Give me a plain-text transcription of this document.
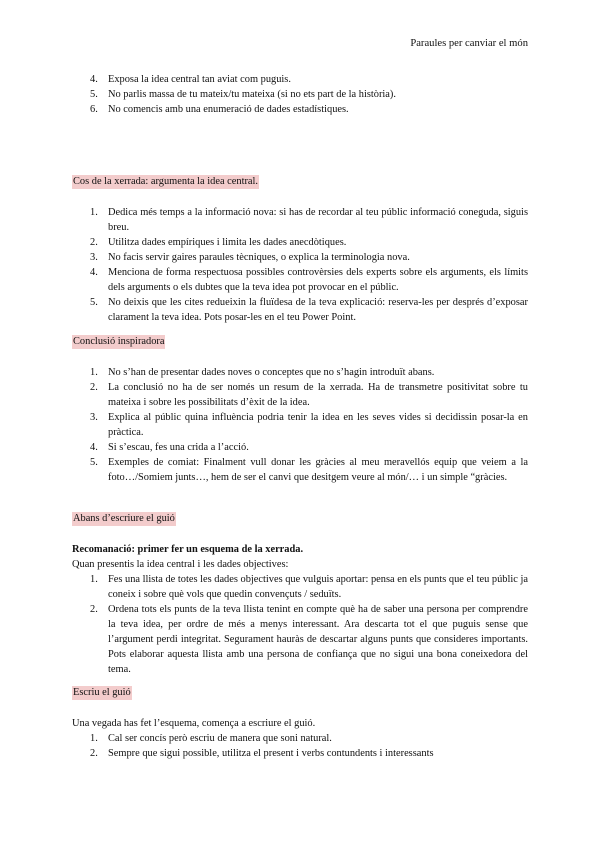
Paraules per canviar el món
4. Exposa la idea central tan aviat com puguis.
5. No parlis massa de tu mateix/tu mateixa (si no ets part de la història).
6. No comencis amb una enumeració de dades estadístiques.
Cos de la xerrada: argumenta la idea central.
1. Dedica més temps a la informació nova: si has de recordar al teu públic informació coneguda, siguis breu.
2. Utilitza dades empíriques i limita les dades anecdòtiques.
3. No facis servir gaires paraules tècniques, o explica la terminologia nova.
4. Menciona de forma respectuosa possibles controvèrsies dels experts sobre els arguments, els límits dels arguments o els dubtes que la teva idea pot provocar en el públic.
5. No deixis que les cites redueixin la fluïdesa de la teva explicació: reserva-les per després d’exposar clarament la teva idea. Pots posar-les en el teu Power Point.
Conclusió inspiradora
1. No s’han de presentar dades noves o conceptes que no s’hagin introduït abans.
2. La conclusió no ha de ser només un resum de la xerrada. Ha de transmetre positivitat sobre tu mateixa i sobre les possibilitats d’èxit de la idea.
3. Explica al públic quina influència podria tenir la idea en les seves vides si decidissin posar-la en pràctica.
4. Si s’escau, fes una crida a l’acció.
5. Exemples de comiat: Finalment vull donar les gràcies al meu meravellós equip que veiem a la foto…/Somiem junts…, hem de ser el canvi que desitgem veure al món/… i un simple “gràcies.
Abans d’escriure el guió

Recomanació: primer fer un esquema de la xerrada.

Quan presentis la idea central i les dades objectives:

1. Fes una llista de totes les dades objectives que vulguis aportar: pensa en els punts que el teu públic ja coneix i sobre què vols que quedin convençuts / seduïts.
2. Ordena tots els punts de la teva llista tenint en compte què ha de saber una persona per comprendre la teva idea, per ordre de més a menys interessant. Ara descarta tot el que puguis sense que l’argument perdi integritat. Segurament hauràs de descartar alguns punts que consideres importants. Pots elaborar aquesta llista amb una persona de confiança que no sigui una bona coneixedora del tema.
Escriu el guió

Una vegada has fet l’esquema, comença a escriure el guió.

1. Cal ser concís però escriu de manera que soni natural.
2. Sempre que sigui possible, utilitza el present i verbs contundents i interessants
